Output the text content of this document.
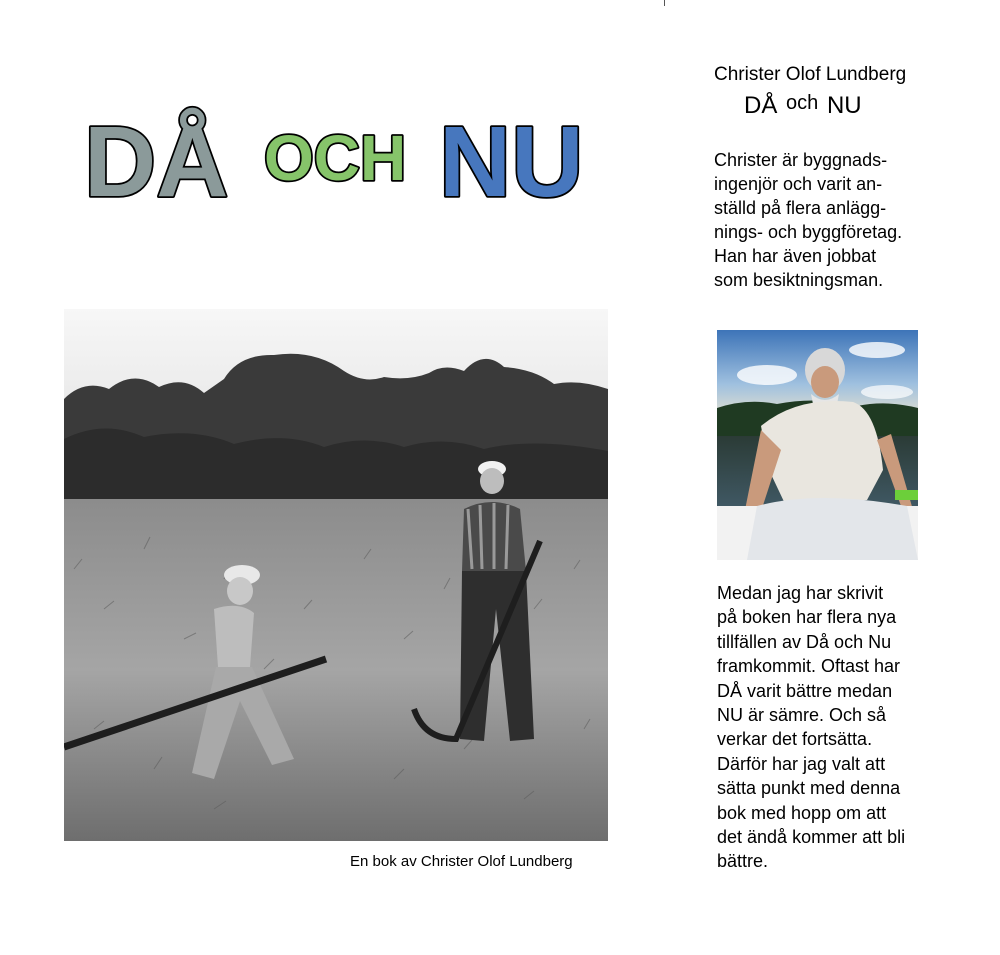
DÅ OCH NU
En bok av Christer Olof Lundberg
Christer Olof Lundberg
DÅ och NU
Christer är byggnads-
ingenjör och varit an-
ställd på flera anlägg-
nings- och byggföretag.
Han har även jobbat
som besiktningsman.
Medan jag har skrivit
på boken har flera nya
tillfällen av Då och Nu
framkommit. Oftast har
DÅ varit bättre medan
NU är sämre. Och så
verkar det fortsätta.
Därför har jag valt att
sätta punkt med denna
bok med hopp om att
det ändå kommer att bli
bättre.
